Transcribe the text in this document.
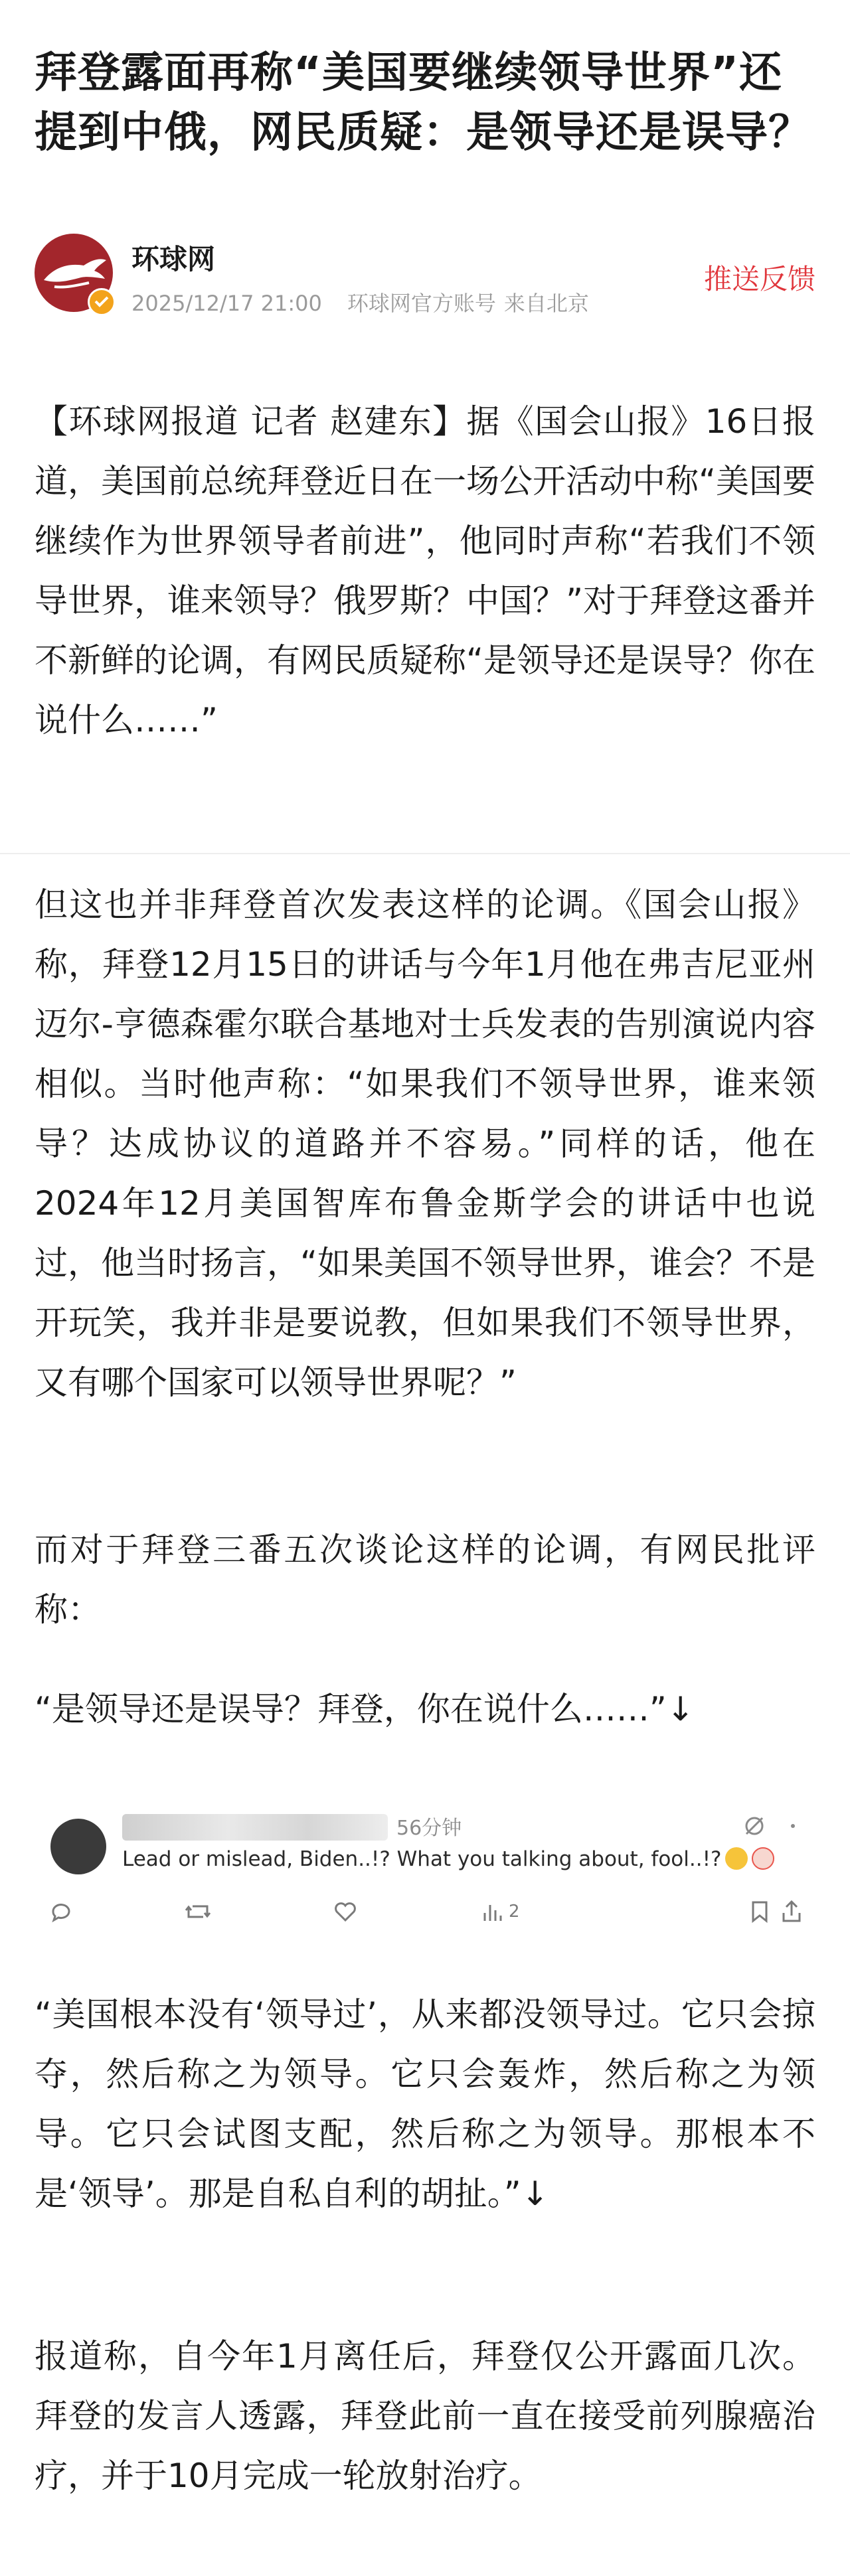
拜登露面再称“美国要继续领导世界”还提到中俄，网民质疑：是领导还是误导？
环球网
2025/12/17 21:00 环球网官方账号 来自北京
推送反馈

【环球网报道 记者 赵建东】据《国会山报》16日报道，美国前总统拜登近日在一场公开活动中称“美国要继续作为世界领导者前进”，他同时声称“若我们不领导世界，谁来领导？俄罗斯？中国？”对于拜登这番并不新鲜的论调，有网民质疑称“是领导还是误导？你在说什么……”

但这也并非拜登首次发表这样的论调。《国会山报》称，拜登12月15日的讲话与今年1月他在弗吉尼亚州迈尔-亨德森霍尔联合基地对士兵发表的告别演说内容相似。当时他声称：“如果我们不领导世界，谁来领导？达成协议的道路并不容易。”同样的话，他在2024年12月美国智库布鲁金斯学会的讲话中也说过，他当时扬言，“如果美国不领导世界，谁会？不是开玩笑，我并非是要说教，但如果我们不领导世界，又有哪个国家可以领导世界呢？”

而对于拜登三番五次谈论这样的论调，有网民批评称：

“是领导还是误导？拜登，你在说什么……”↓

56分钟
Lead or mislead, Biden..!? What you talking about, fool..!?
2

“美国根本没有‘领导过’，从来都没领导过。它只会掠夺，然后称之为领导。它只会轰炸，然后称之为领导。它只会试图支配，然后称之为领导。那根本不是‘领导’。那是自私自利的胡扯。”↓

报道称，自今年1月离任后，拜登仅公开露面几次。拜登的发言人透露，拜登此前一直在接受前列腺癌治疗，并于10月完成一轮放射治疗。
